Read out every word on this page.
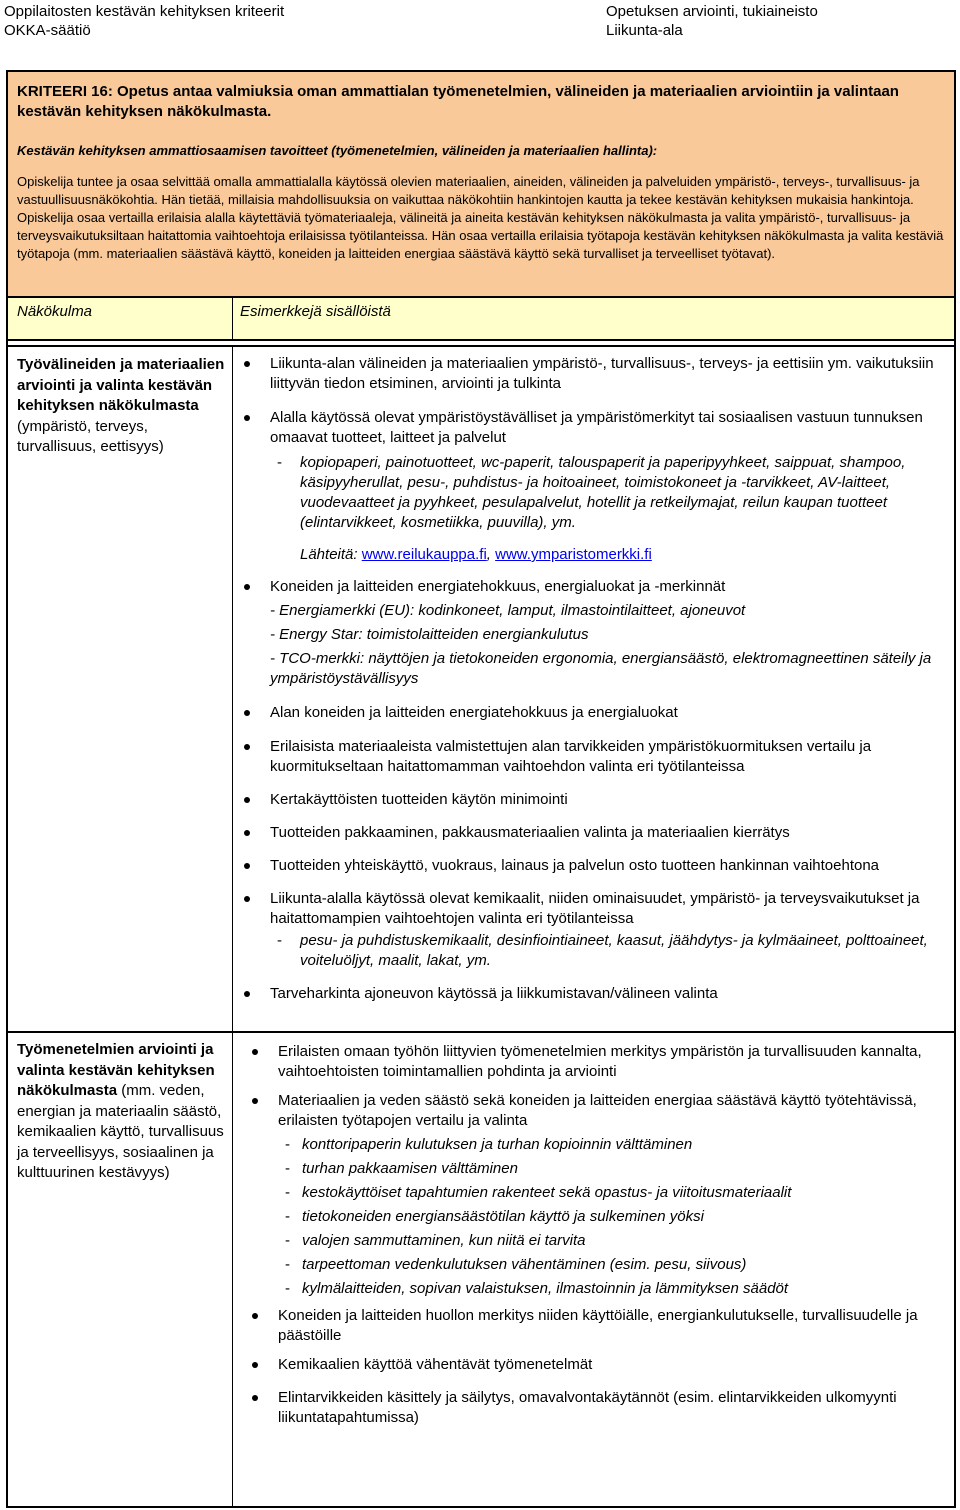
Oppilaitosten kestävän kehityksen kriteerit
OKKA-säätiö
Opetuksen arviointi, tukiaineisto
Liikunta-ala
KRITEERI 16: Opetus antaa valmiuksia oman ammattialan työmenetelmien, välineiden ja materiaalien arviointiin ja valintaan kestävän kehityksen näkökulmasta.
Kestävän kehityksen ammattiosaamisen tavoitteet (työmenetelmien, välineiden ja materiaalien hallinta):
Opiskelija tuntee ja osaa selvittää omalla ammattialalla käytössä olevien materiaalien, aineiden, välineiden ja palveluiden ympäristö-, terveys-, turvallisuus- ja vastuullisuusnäkökohtia. Hän tietää, millaisia mahdollisuuksia on vaikuttaa näkökohtiin hankintojen kautta ja tekee kestävän kehityksen mukaisia hankintoja. Opiskelija osaa vertailla erilaisia alalla käytettäviä työmateriaaleja, välineitä ja aineita kestävän kehityksen näkökulmasta ja valita ympäristö-, turvallisuus- ja terveysvaikutuksiltaan haitattomia vaihtoehtoja erilaisissa työtilanteissa. Hän osaa vertailla erilaisia työtapoja kestävän kehityksen näkökulmasta ja valita kestäviä työtapoja (mm. materiaalien säästävä käyttö, koneiden ja laitteiden energiaa säästävä käyttö sekä turvalliset ja terveelliset työtavat).
Näkökulma	Esimerkkejä sisällöistä
Työvälineiden ja materiaalien arviointi ja valinta kestävän kehityksen näkökulmasta
(ympäristö, terveys, turvallisuus, eettisyys)
Liikunta-alan välineiden ja materiaalien ympäristö-, turvallisuus-, terveys- ja eettisiin ym. vaikutuksiin liittyvän tiedon etsiminen, arviointi ja tulkinta
Alalla käytössä olevat ympäristöystävälliset ja ympäristömerkityt tai sosiaalisen vastuun tunnuksen omaavat tuotteet, laitteet ja palvelut
- kopiopaperi, painotuotteet, wc-paperit, talouspaperit ja paperipyyhkeet, saippuat, shampoo, käsipyyherullat, pesu-, puhdistus- ja hoitoaineet, toimistokoneet ja -tarvikkeet, AV-laitteet, vuodevaatteet ja pyyhkeet, pesulapalvelut, hotellit ja retkeilymajat, reilun kaupan tuotteet (elintarvikkeet, kosmetiikka, puuvilla), ym.
Lähteitä: www.reilukauppa.fi, www.ymparistomerkki.fi
Koneiden ja laitteiden energiatehokkuus, energialuokat ja -merkinnät
- Energiamerkki (EU): kodinkoneet, lamput, ilmastointilaitteet, ajoneuvot
- Energy Star: toimistolaitteiden energiankulutus
- TCO-merkki: näyttöjen ja tietokoneiden ergonomia, energiansäästö, elektromagneettinen säteily ja ympäristöystävällisyys
Alan koneiden ja laitteiden energiatehokkuus ja energialuokat
Erilaisista materiaaleista valmistettujen alan tarvikkeiden ympäristökuormituksen vertailu ja kuormitukseltaan haitattomamman vaihtoehdon valinta eri työtilanteissa
Kertakäyttöisten tuotteiden käytön minimointi
Tuotteiden pakkaaminen, pakkausmateriaalien valinta ja materiaalien kierrätys
Tuotteiden yhteiskäyttö, vuokraus, lainaus ja palvelun osto tuotteen hankinnan vaihtoehtona
Liikunta-alalla käytössä olevat kemikaalit, niiden ominaisuudet, ympäristö- ja terveysvaikutukset ja haitattomampien vaihtoehtojen valinta eri työtilanteissa
- pesu- ja puhdistuskemikaalit, desinfiointiaineet, kaasut, jäähdytys- ja kylmäaineet, polttoaineet, voiteluöljyt, maalit, lakat, ym.
Tarveharkinta ajoneuvon käytössä ja liikkumistavan/välineen valinta
Työmenetelmien arviointi ja valinta kestävän kehityksen näkökulmasta (mm. veden, energian ja materiaalin säästö, kemikaalien käyttö, turvallisuus ja terveellisyys, sosiaalinen ja kulttuurinen kestävyys)
Erilaisten omaan työhön liittyvien työmenetelmien merkitys ympäristön ja turvallisuuden kannalta, vaihtoehtoisten toimintamallien pohdinta ja arviointi
Materiaalien ja veden säästö sekä koneiden ja laitteiden energiaa säästävä käyttö työtehtävissä, erilaisten työtapojen vertailu ja valinta
- konttoripaperin kulutuksen ja turhan kopioinnin välttäminen
- turhan pakkaamisen välttäminen
- kestokäyttöiset tapahtumien rakenteet sekä opastus- ja viitoitusmateriaalit
- tietokoneiden energiansäästötilan käyttö ja sulkeminen yöksi
- valojen sammuttaminen, kun niitä ei tarvita
- tarpeettoman vedenkulutuksen vähentäminen (esim. pesu, siivous)
- kylmälaitteiden, sopivan valaistuksen, ilmastoinnin ja lämmityksen säädöt
Koneiden ja laitteiden huollon merkitys niiden käyttöiälle, energiankulutukselle, turvallisuudelle ja päästöille
Kemikaalien käyttöä vähentävät työmenetelmät
Elintarvikkeiden käsittely ja säilytys, omavalvontakäytännöt (esim. elintarvikkeiden ulkomyynti liikuntatapahtumissa)
